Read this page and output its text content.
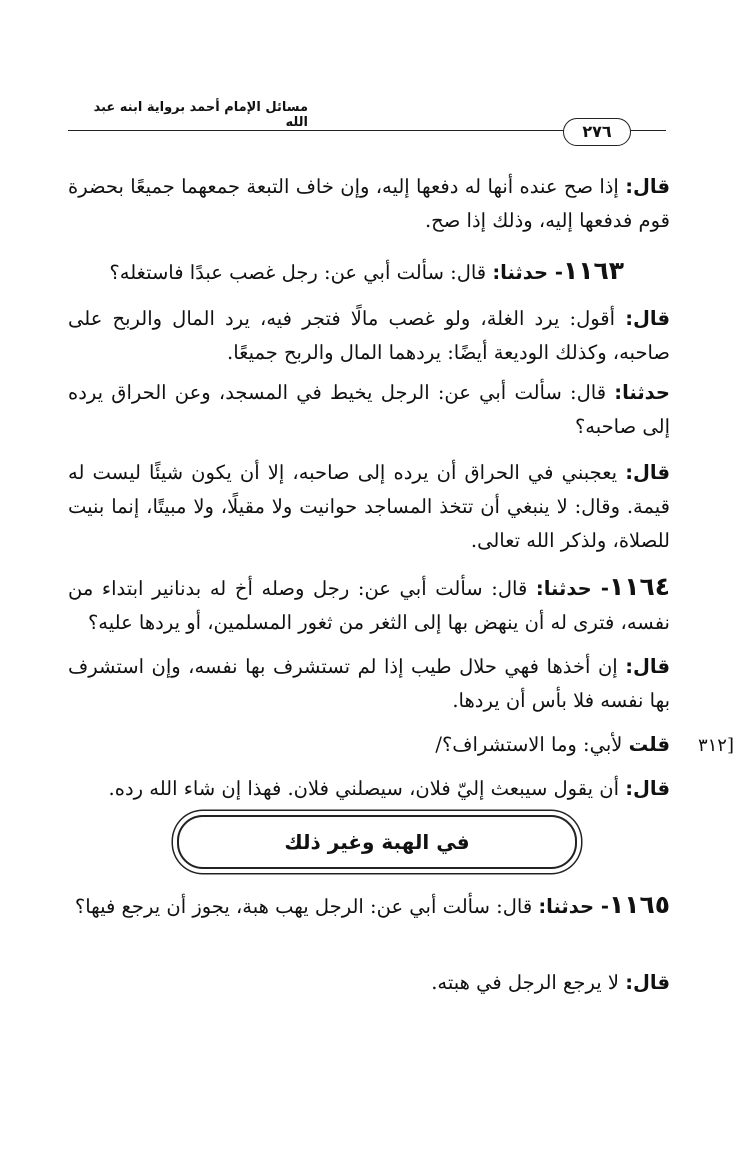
مسائل الإمام أحمد برواية ابنه عبد الله	٢٧٦
قال: إذا صح عنده أنها له دفعها إليه، وإن خاف التبعة جمعهما جميعًا بحضرة قوم فدفعها إليه، وذلك إذا صح.
١١٦٣- حدثنا: قال: سألت أبي عن: رجل غصب عبدًا فاستغله؟
قال: أقول: يرد الغلة، ولو غصب مالًا فتجر فيه، يرد المال والربح على صاحبه، وكذلك الوديعة أيضًا: يردهما المال والربح جميعًا.
حدثنا: قال: سألت أبي عن: الرجل يخيط في المسجد، وعن الحراق يرده إلى صاحبه؟
قال: يعجبني في الحراق أن يرده إلى صاحبه، إلا أن يكون شيئًا ليست له قيمة. وقال: لا ينبغي أن تتخذ المساجد حوانيت ولا مقيلًا، ولا مبيتًا، إنما بنيت للصلاة، ولذكر الله تعالى.
١١٦٤- حدثنا: قال: سألت أبي عن: رجل وصله أخ له بدنانير ابتداء من نفسه، فترى له أن ينهض بها إلى الثغر من ثغور المسلمين، أو يردها عليه؟
قال: إن أخذها فهي حلال طيب إذا لم تستشرف بها نفسه، وإن استشرف بها نفسه فلا بأس أن يردها.
قلت لأبي: وما الاستشراف؟/	[٣١٢
قال: أن يقول سيبعث إليّ فلان، سيصلني فلان. فهذا إن شاء الله رده.
في الهبة وغير ذلك
١١٦٥- حدثنا: قال: سألت أبي عن: الرجل يهب هبة، يجوز أن يرجع فيها؟
قال: لا يرجع الرجل في هبته.
